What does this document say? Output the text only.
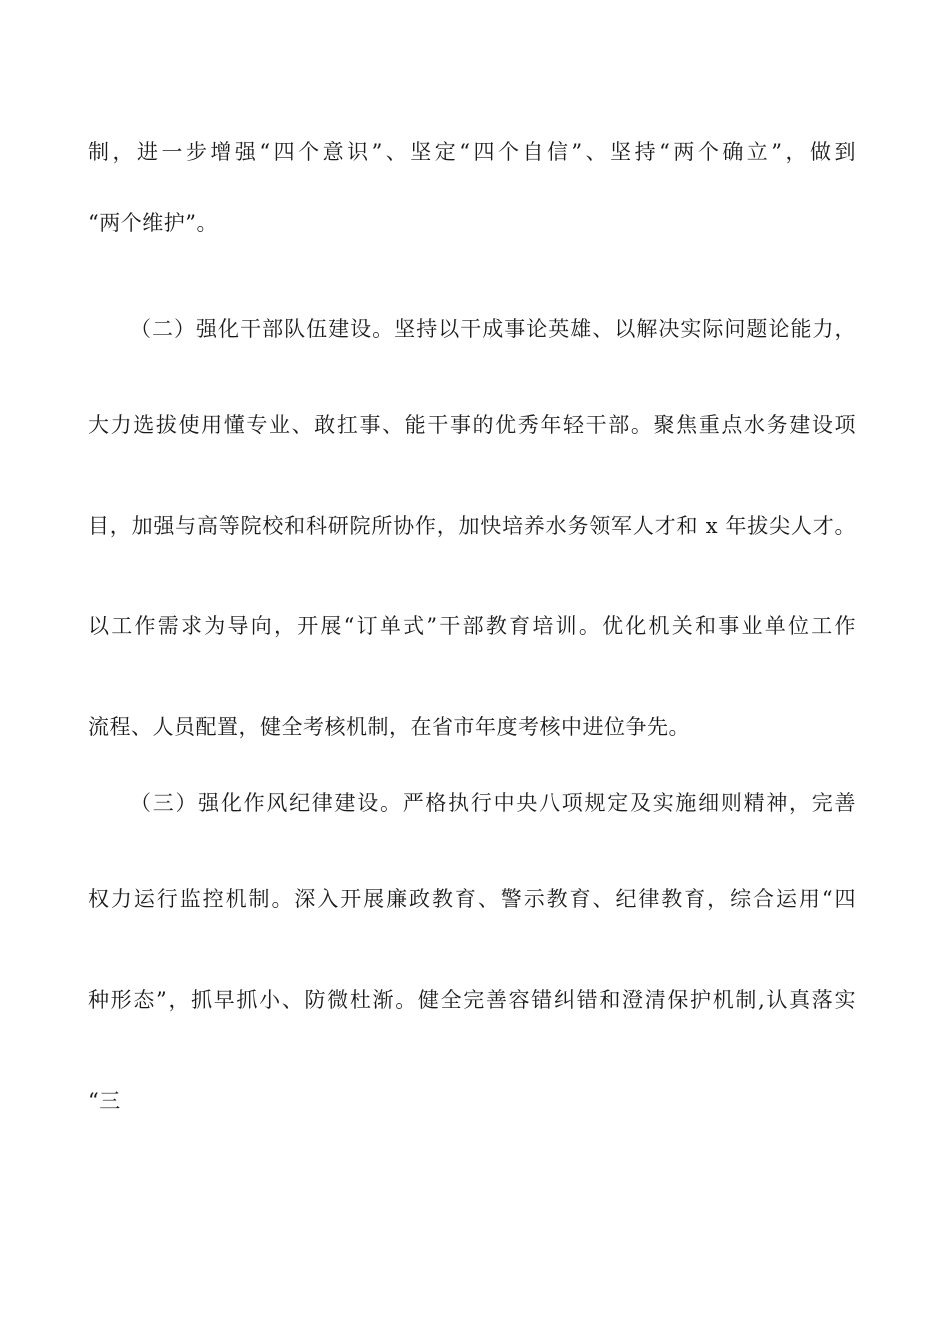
制，进一步增强“四个意识”、坚定“四个自信”、坚持“两个确立”，做到
“两个维护”。
（二）强化干部队伍建设。坚持以干成事论英雄、以解决实际问题论能力，
大力选拔使用懂专业、敢扛事、能干事的优秀年轻干部。聚焦重点水务建设项
目，加强与高等院校和科研院所协作，加快培养水务领军人才和 x 年拔尖人才。
以工作需求为导向，开展“订单式”干部教育培训。优化机关和事业单位工作
流程、人员配置，健全考核机制，在省市年度考核中进位争先。
（三）强化作风纪律建设。严格执行中央八项规定及实施细则精神，完善
权力运行监控机制。深入开展廉政教育、警示教育、纪律教育，综合运用“四
种形态”，抓早抓小、防微杜渐。健全完善容错纠错和澄清保护机制,认真落实
“三
